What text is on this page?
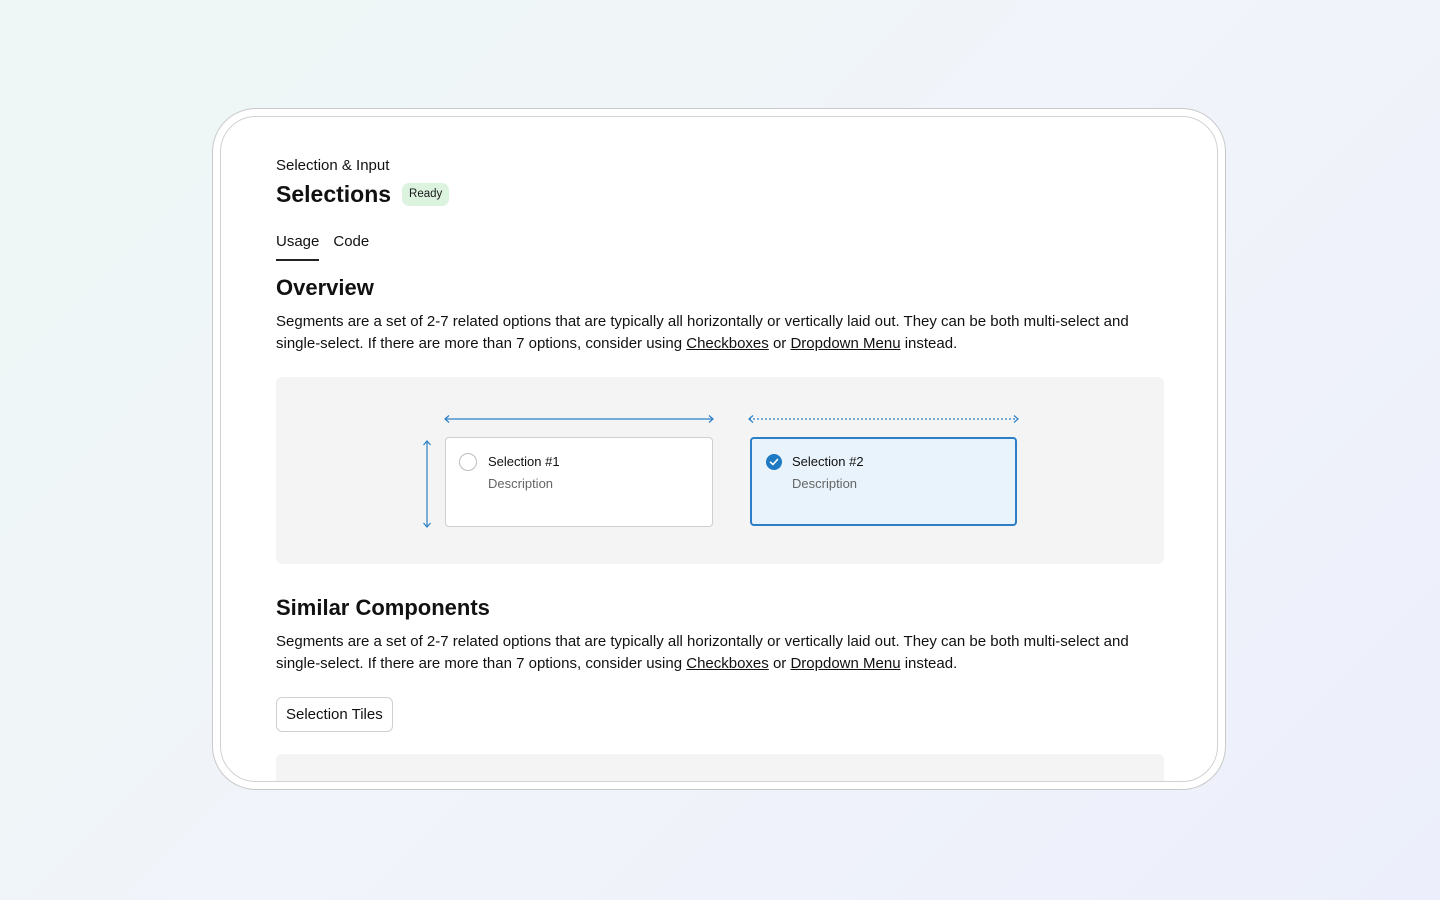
Selection & Input
Selections	Ready
Usage Code
Overview
Segments are a set of 2-7 related options that are typically all horizontally or vertically laid out. They can be both multi-select and single-select. If there are more than 7 options, consider using Checkboxes or Dropdown Menu instead.
Selection #1
Description
Selection #2
Description
Similar Components
Segments are a set of 2-7 related options that are typically all horizontally or vertically laid out. They can be both multi-select and single-select. If there are more than 7 options, consider using Checkboxes or Dropdown Menu instead.
Selection Tiles
